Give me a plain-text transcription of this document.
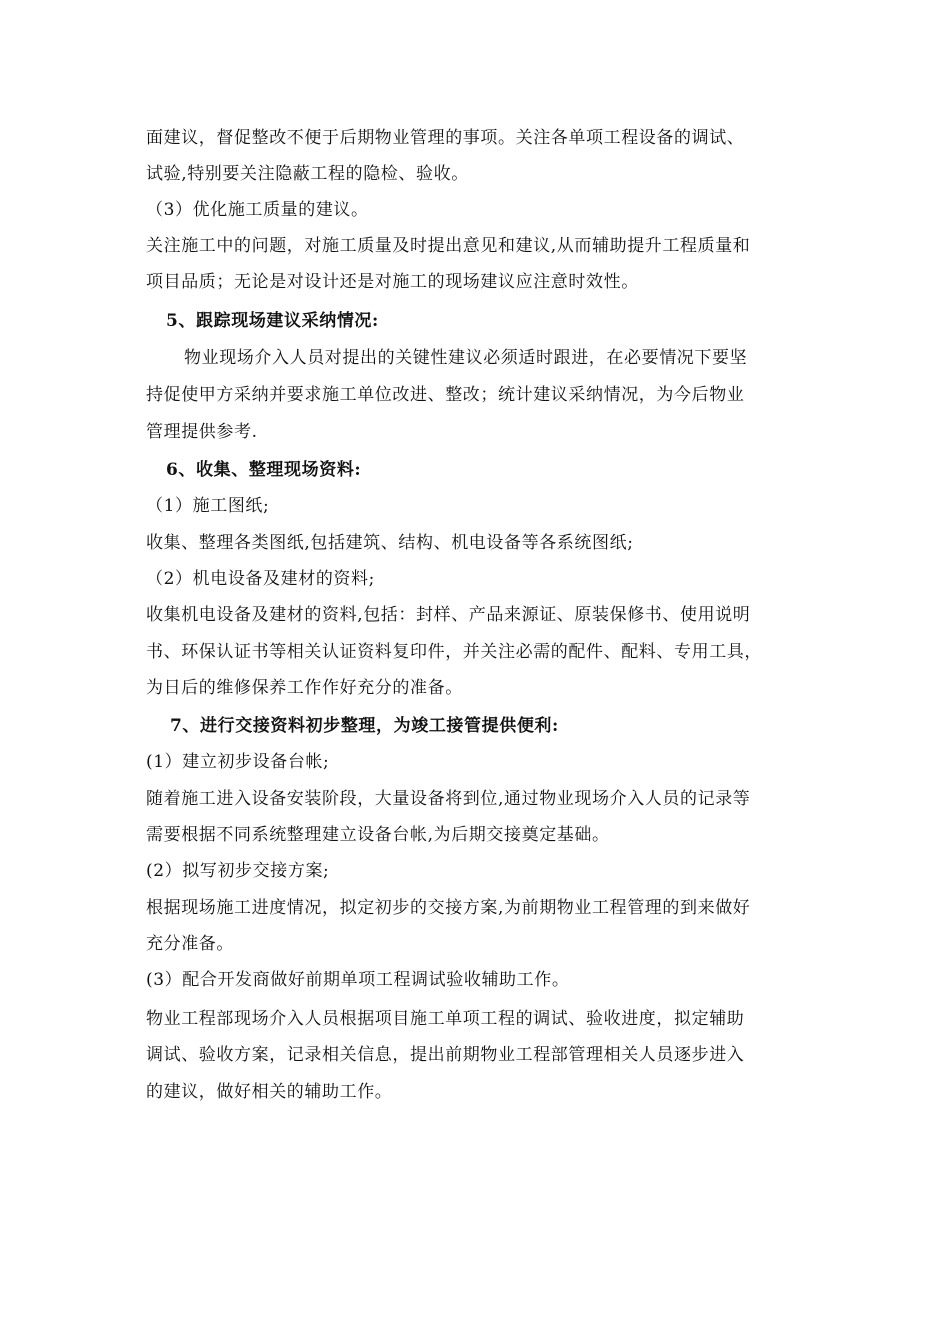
面建议，督促整改不便于后期物业管理的事项。关注各单项工程设备的调试、
试验,特别要关注隐蔽工程的隐检、验收。
（3）优化施工质量的建议。
关注施工中的问题，对施工质量及时提出意见和建议,从而辅助提升工程质量和
项目品质；无论是对设计还是对施工的现场建议应注意时效性。
5、跟踪现场建议采纳情况:
物业现场介入人员对提出的关键性建议必须适时跟进，在必要情况下要坚
持促使甲方采纳并要求施工单位改进、整改；统计建议采纳情况，为今后物业
管理提供参考.
6、收集、整理现场资料:
（1）施工图纸;
收集、整理各类图纸,包括建筑、结构、机电设备等各系统图纸;
（2）机电设备及建材的资料;
收集机电设备及建材的资料,包括：封样、产品来源证、原装保修书、使用说明
书、环保认证书等相关认证资料复印件，并关注必需的配件、配料、专用工具，
为日后的维修保养工作作好充分的准备。
7、进行交接资料初步整理，为竣工接管提供便利:
(1）建立初步设备台帐;
随着施工进入设备安装阶段，大量设备将到位,通过物业现场介入人员的记录等
需要根据不同系统整理建立设备台帐,为后期交接奠定基础。
(2）拟写初步交接方案;
根据现场施工进度情况，拟定初步的交接方案,为前期物业工程管理的到来做好
充分准备。
(3）配合开发商做好前期单项工程调试验收辅助工作。
物业工程部现场介入人员根据项目施工单项工程的调试、验收进度，拟定辅助
调试、验收方案，记录相关信息，提出前期物业工程部管理相关人员逐步进入
的建议，做好相关的辅助工作。
